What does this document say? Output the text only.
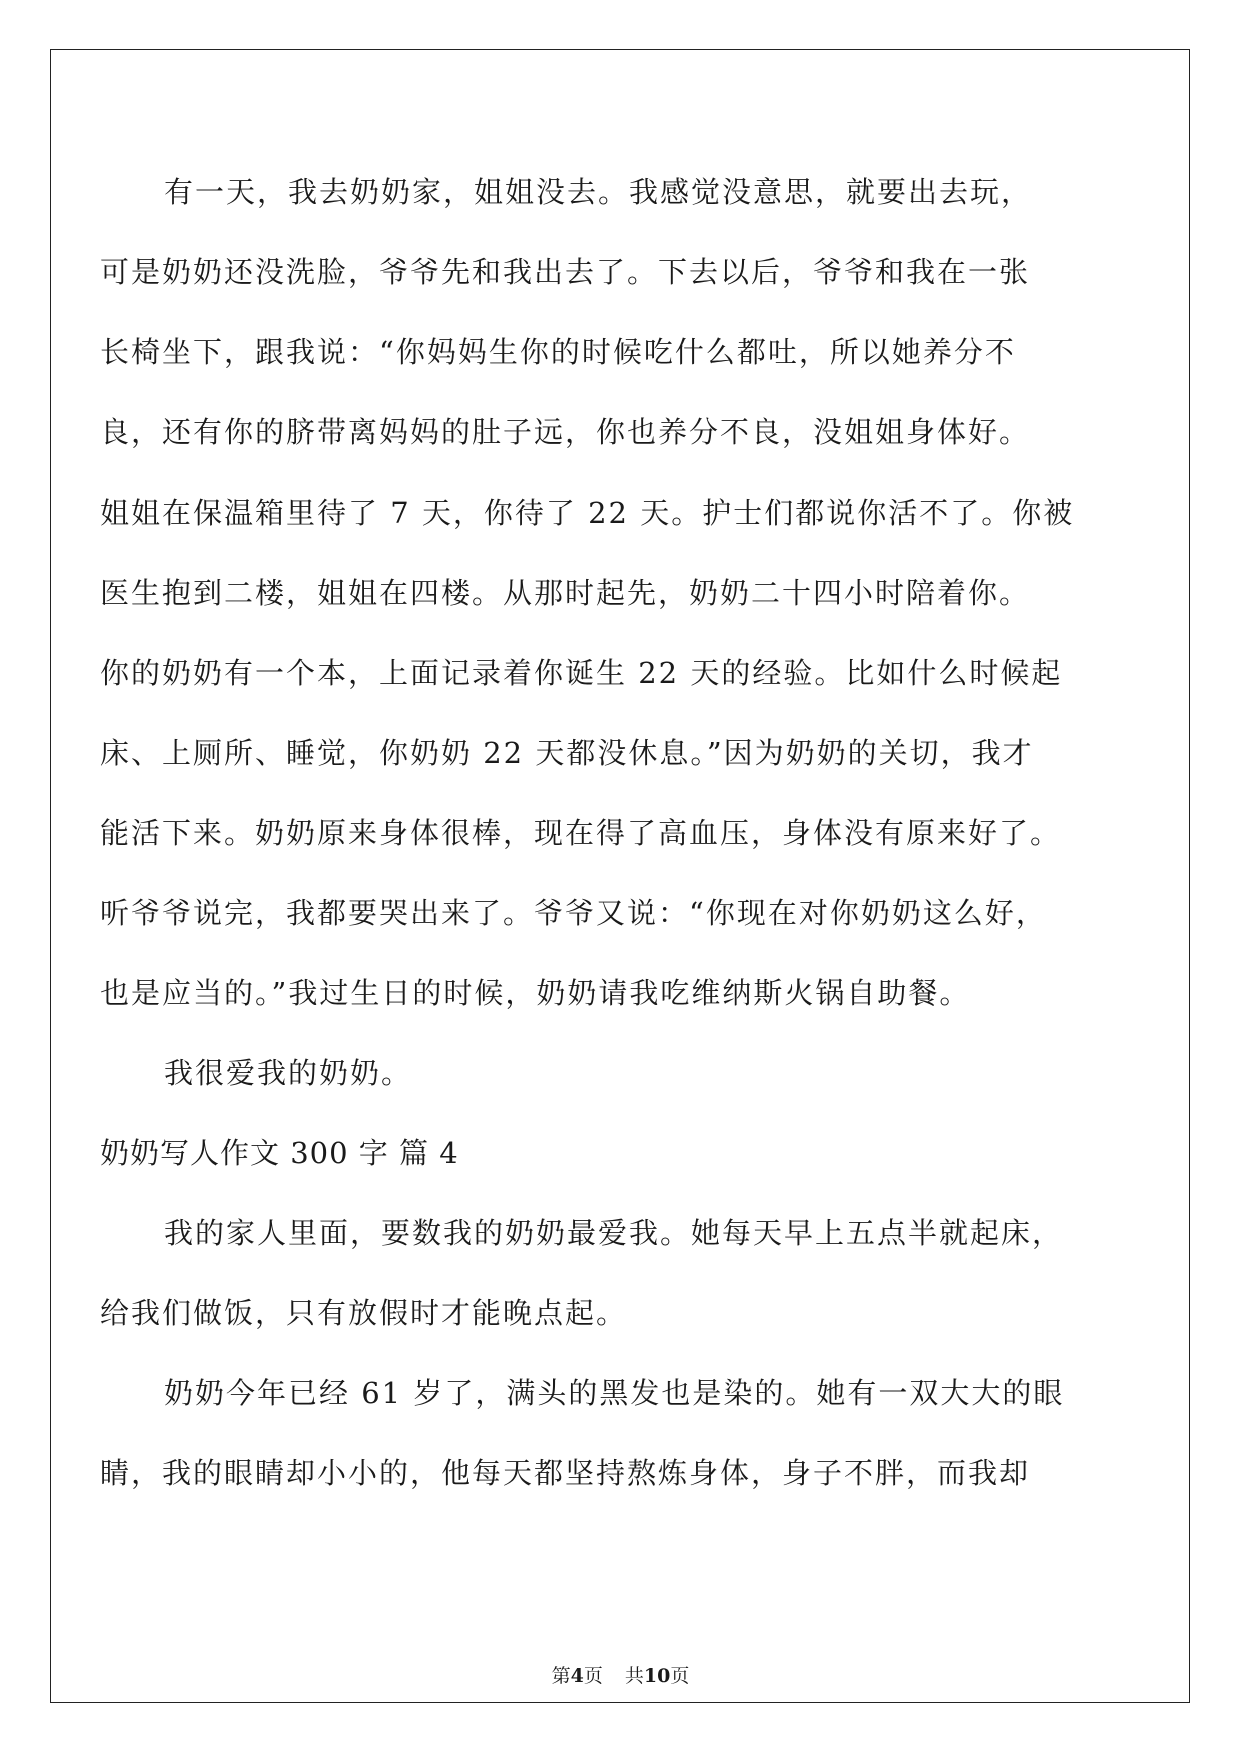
有一天，我去奶奶家，姐姐没去。我感觉没意思，就要出去玩，
可是奶奶还没洗脸，爷爷先和我出去了。下去以后，爷爷和我在一张
长椅坐下，跟我说：“你妈妈生你的时候吃什么都吐，所以她养分不
良，还有你的脐带离妈妈的肚子远，你也养分不良，没姐姐身体好。
姐姐在保温箱里待了 7 天，你待了 22 天。护士们都说你活不了。你被
医生抱到二楼，姐姐在四楼。从那时起先，奶奶二十四小时陪着你。
你的奶奶有一个本，上面记录着你诞生 22 天的经验。比如什么时候起
床、上厕所、睡觉，你奶奶 22 天都没休息。”因为奶奶的关切，我才
能活下来。奶奶原来身体很棒，现在得了高血压，身体没有原来好了。
听爷爷说完，我都要哭出来了。爷爷又说：“你现在对你奶奶这么好，
也是应当的。”我过生日的时候，奶奶请我吃维纳斯火锅自助餐。
我很爱我的奶奶。
奶奶写人作文 300 字 篇 4
我的家人里面，要数我的奶奶最爱我。她每天早上五点半就起床，
给我们做饭，只有放假时才能晚点起。
奶奶今年已经 61 岁了，满头的黑发也是染的。她有一双大大的眼
睛，我的眼睛却小小的，他每天都坚持熬炼身体，身子不胖，而我却
第4页 共10页
